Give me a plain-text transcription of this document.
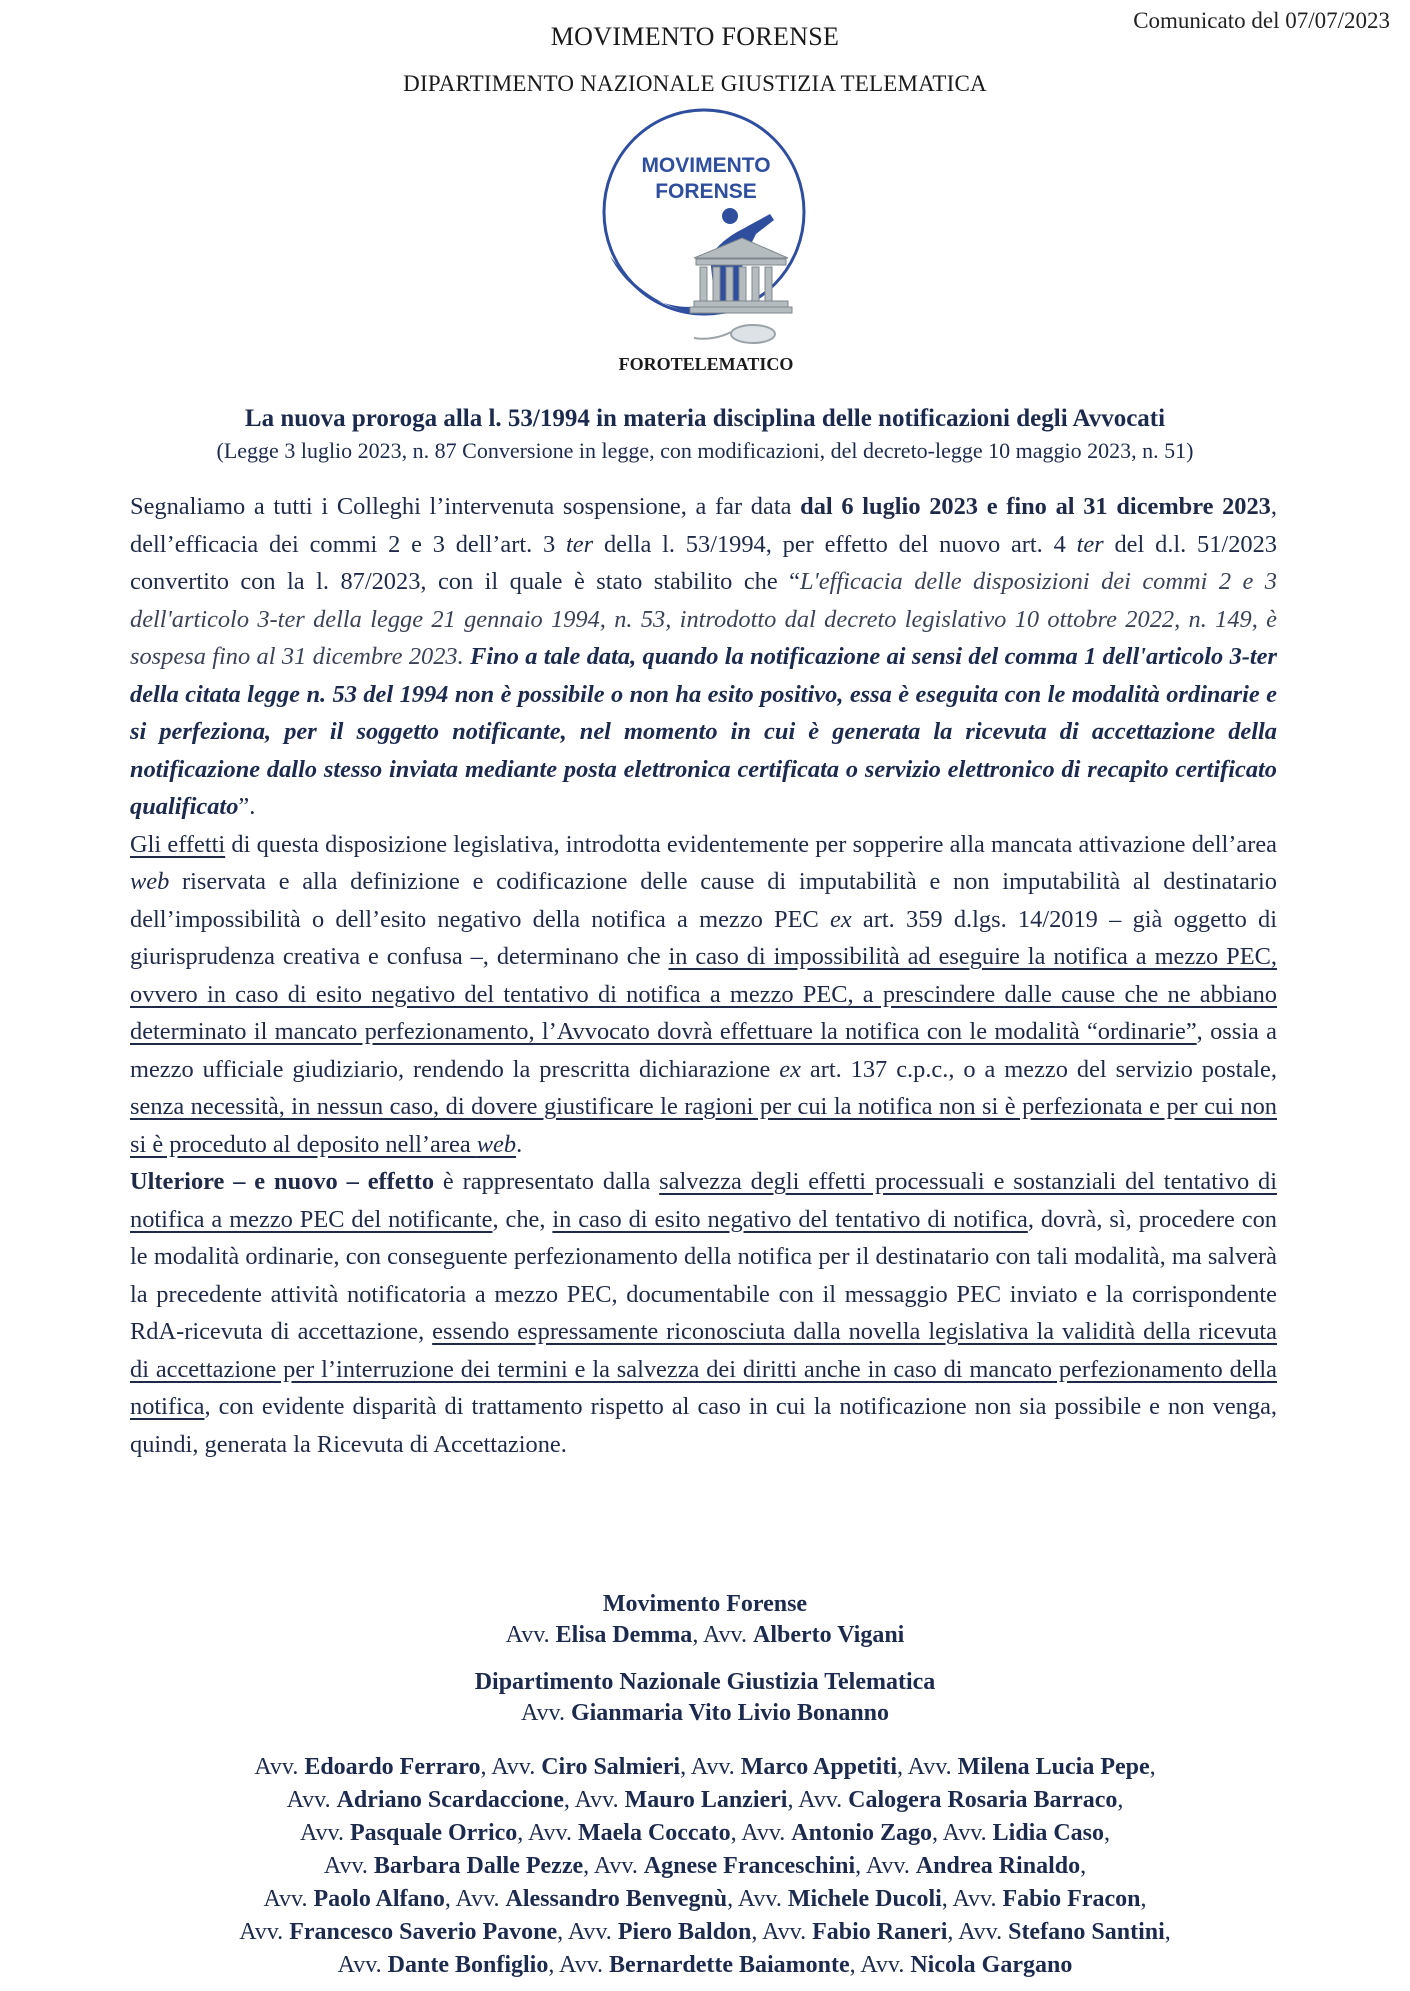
Comunicato del 07/07/2023
MOVIMENTO FORENSE
DIPARTIMENTO NAZIONALE GIUSTIZIA TELEMATICA
MOVIMENTO
FORENSE
FOROTELEMATICO
La nuova proroga alla l. 53/1994 in materia disciplina delle notificazioni degli Avvocati
(Legge 3 luglio 2023, n. 87 Conversione in legge, con modificazioni, del decreto-legge 10 maggio 2023, n. 51)

Segnaliamo a tutti i Colleghi l’intervenuta sospensione, a far data dal 6 luglio 2023 e fino al 31 dicembre 2023, dell’efficacia dei commi 2 e 3 dell’art. 3 ter della l. 53/1994, per effetto del nuovo art. 4 ter del d.l. 51/2023 convertito con la l. 87/2023, con il quale è stato stabilito che “L'efficacia delle disposizioni dei commi 2 e 3 dell'articolo 3-ter della legge 21 gennaio 1994, n. 53, introdotto dal decreto legislativo 10 ottobre 2022, n. 149, è sospesa fino al 31 dicembre 2023. Fino a tale data, quando la notificazione ai sensi del comma 1 dell'articolo 3-ter della citata legge n. 53 del 1994 non è possibile o non ha esito positivo, essa è eseguita con le modalità ordinarie e si perfeziona, per il soggetto notificante, nel momento in cui è generata la ricevuta di accettazione della notificazione dallo stesso inviata mediante posta elettronica certificata o servizio elettronico di recapito certificato qualificato”.

Gli effetti di questa disposizione legislativa, introdotta evidentemente per sopperire alla mancata attivazione dell’area web riservata e alla definizione e codificazione delle cause di imputabilità e non imputabilità al destinatario dell’impossibilità o dell’esito negativo della notifica a mezzo PEC ex art. 359 d.lgs. 14/2019 – già oggetto di giurisprudenza creativa e confusa –, determinano che in caso di impossibilità ad eseguire la notifica a mezzo PEC, ovvero in caso di esito negativo del tentativo di notifica a mezzo PEC, a prescindere dalle cause che ne abbiano determinato il mancato perfezionamento, l’Avvocato dovrà effettuare la notifica con le modalità “ordinarie”, ossia a mezzo ufficiale giudiziario, rendendo la prescritta dichiarazione ex art. 137 c.p.c., o a mezzo del servizio postale, senza necessità, in nessun caso, di dovere giustificare le ragioni per cui la notifica non si è perfezionata e per cui non si è proceduto al deposito nell’area web.

Ulteriore – e nuovo – effetto è rappresentato dalla salvezza degli effetti processuali e sostanziali del tentativo di notifica a mezzo PEC del notificante, che, in caso di esito negativo del tentativo di notifica, dovrà, sì, procedere con le modalità ordinarie, con conseguente perfezionamento della notifica per il destinatario con tali modalità, ma salverà la precedente attività notificatoria a mezzo PEC, documentabile con il messaggio PEC inviato e la corrispondente RdA-ricevuta di accettazione, essendo espressamente riconosciuta dalla novella legislativa la validità della ricevuta di accettazione per l’interruzione dei termini e la salvezza dei diritti anche in caso di mancato perfezionamento della notifica, con evidente disparità di trattamento rispetto al caso in cui la notificazione non sia possibile e non venga, quindi, generata la Ricevuta di Accettazione.

Movimento Forense
Avv. Elisa Demma, Avv. Alberto Vigani
Dipartimento Nazionale Giustizia Telematica
Avv. Gianmaria Vito Livio Bonanno
Avv. Edoardo Ferraro, Avv. Ciro Salmieri, Avv. Marco Appetiti, Avv. Milena Lucia Pepe,
Avv. Adriano Scardaccione, Avv. Mauro Lanzieri, Avv. Calogera Rosaria Barraco,
Avv. Pasquale Orrico, Avv. Maela Coccato, Avv. Antonio Zago, Avv. Lidia Caso,
Avv. Barbara Dalle Pezze, Avv. Agnese Franceschini, Avv. Andrea Rinaldo,
Avv. Paolo Alfano, Avv. Alessandro Benvegnù, Avv. Michele Ducoli, Avv. Fabio Fracon,
Avv. Francesco Saverio Pavone, Avv. Piero Baldon, Avv. Fabio Raneri, Avv. Stefano Santini,
Avv. Dante Bonfiglio, Avv. Bernardette Baiamonte, Avv. Nicola Gargano
